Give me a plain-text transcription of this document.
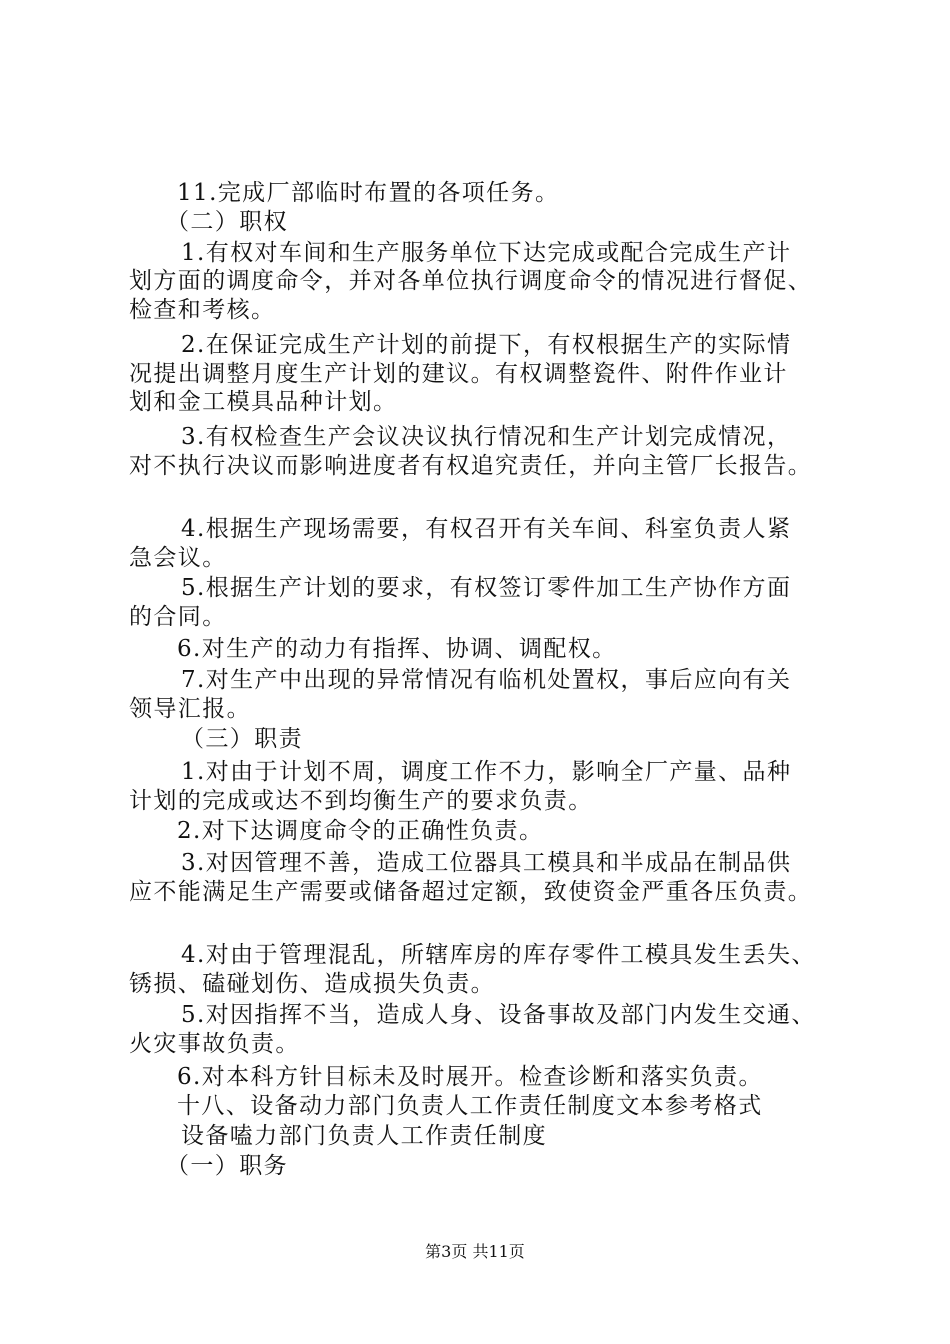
11.完成厂部临时布置的各项任务。
（二）职权
1.有权对车间和生产服务单位下达完成或配合完成生产计
划方面的调度命令，并对各单位执行调度命令的情况进行督促、
检查和考核。
2.在保证完成生产计划的前提下，有权根据生产的实际情
况提出调整月度生产计划的建议。有权调整瓷件、附件作业计
划和金工模具品种计划。
3.有权检查生产会议决议执行情况和生产计划完成情况，
对不执行决议而影响进度者有权追究责任，并向主管厂长报告。
4.根据生产现场需要，有权召开有关车间、科室负责人紧
急会议。
5.根据生产计划的要求，有权签订零件加工生产协作方面
的合同。
6.对生产的动力有指挥、协调、调配权。
7.对生产中出现的异常情况有临机处置权，事后应向有关
领导汇报。
（三）职责
1.对由于计划不周，调度工作不力，影响全厂产量、品种
计划的完成或达不到均衡生产的要求负责。
2.对下达调度命令的正确性负责。
3.对因管理不善，造成工位器具工模具和半成品在制品供
应不能满足生产需要或储备超过定额，致使资金严重各压负责。
4.对由于管理混乱，所辖库房的库存零件工模具发生丢失、
锈损、磕碰划伤、造成损失负责。
5.对因指挥不当，造成人身、设备事故及部门内发生交通、
火灾事故负责。
6.对本科方针目标未及时展开。检查诊断和落实负责。
十八、设备动力部门负责人工作责任制度文本参考格式
设备嗑力部门负责人工作责任制度
（一）职务
第3页 共11页
